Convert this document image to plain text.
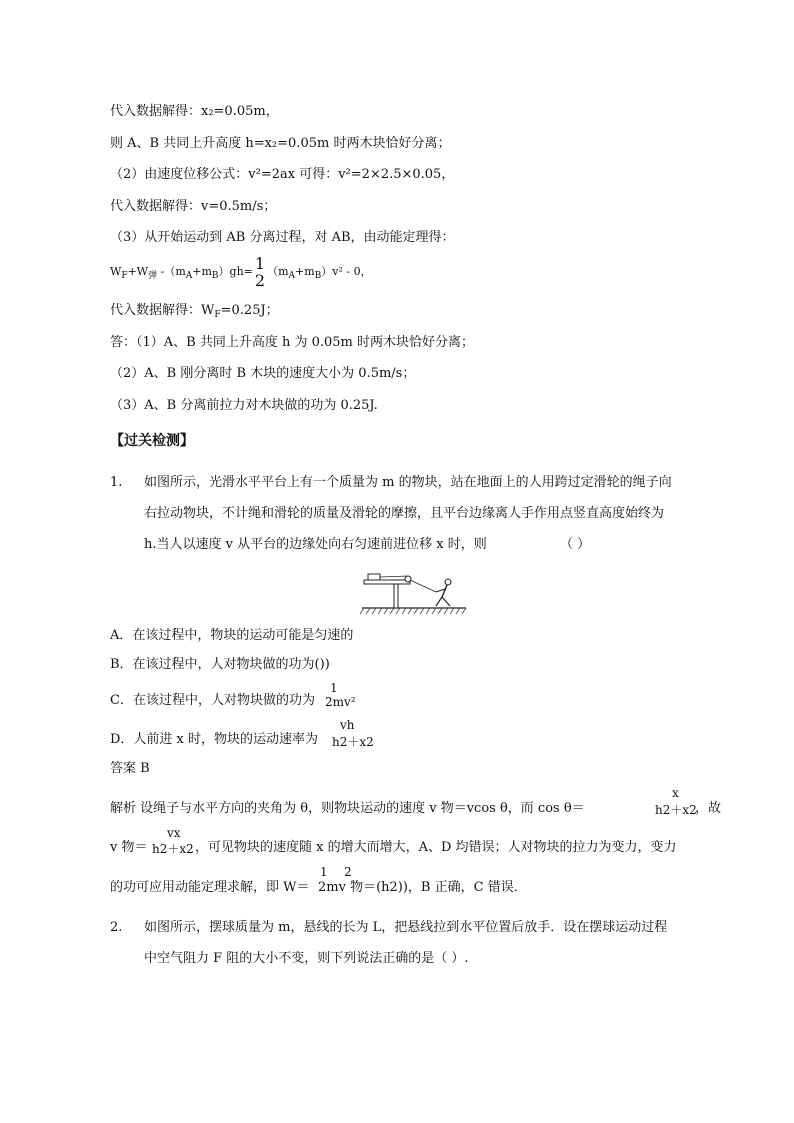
代入数据解得：x₂=0.05m，
则 A、B 共同上升高度 h=x₂=0.05m 时两木块恰好分离；
（2）由速度位移公式：v²=2ax 可得：v²=2×2.5×0.05，
代入数据解得：v=0.5m/s；
（3）从开始运动到 AB 分离过程，对 AB，由动能定理得：
$W_F+W_弹$ $-(m_A+m_B)gh= 1$
2 $(m_A+m_B)v^2 - 0$，
代入数据解得：$W_F=0.25J$；
答：（1）A、B 共同上升高度 h 为 0.05m 时两木块恰好分离；
（2）A、B 刚分离时 B 木块的速度大小为 0.5m/s；
（3）A、B 分离前拉力对木块做的功为 0.25J.
【过关检测】
1. 如图所示，光滑水平平台上有一个质量为 m 的物块，站在地面上的人用跨过定滑轮的绳子向
右拉动物块，不计绳和滑轮的质量及滑轮的摩擦，且平台边缘离人手作用点竖直高度始终为
h.当人以速度 v 从平台的边缘处向右匀速前进位移 x 时，则	（ ）
A．在该过程中，物块的运动可能是匀速的
B．在该过程中，人对物块做的功为())
C．在该过程中，人对物块做的功为
1
2mv²
D．人前进 x 时，物块的运动速率为
vh
h2＋x2
答案 B
解析 设绳子与水平方向的夹角为 θ，则物块运动的速度 v 物＝vcos θ，而 cos θ＝
x
h2＋x2
，故
v 物＝
vx
h2＋x2 ，可见物块的速度随 x 的增大而增大，A、D 均错误；人对物块的拉力为变力，变力
1 2
的功可应用动能定理求解，即 W＝ 2mv 物＝(h2))，B 正确，C 错误．
2. 如图所示，摆球质量为 m，悬线的长为 L，把悬线拉到水平位置后放手．设在摆球运动过程
中空气阻力 F 阻的大小不变，则下列说法正确的是（ ）.
